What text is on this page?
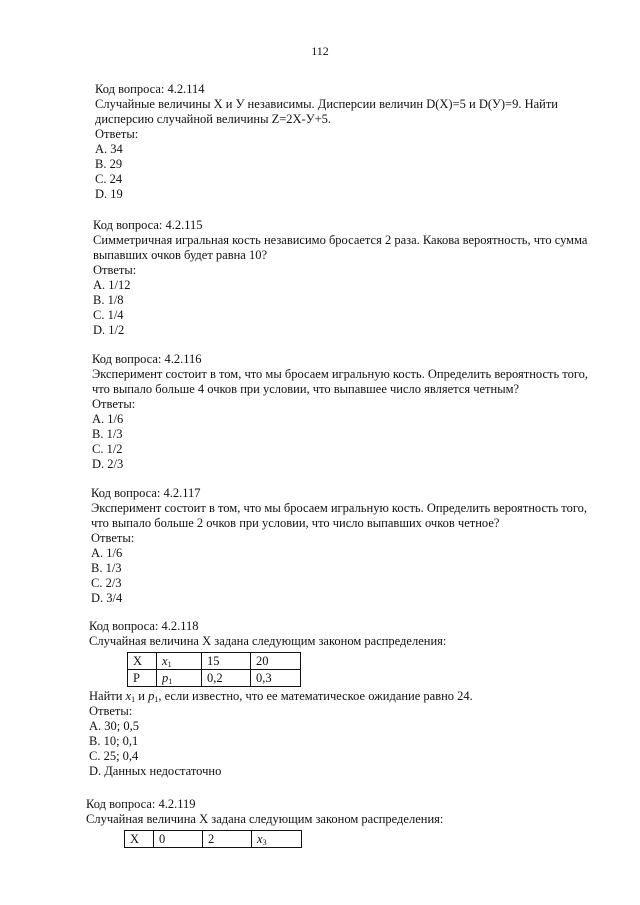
112
Код вопроса: 4.2.114
Случайные величины X и У независимы. Дисперсии величин D(X)=5 и D(У)=9. Найти
дисперсию случайной величины Z=2X-У+5.
Ответы:
A. 34
B. 29
C. 24
D. 19
Код вопроса: 4.2.115
Симметричная игральная кость независимо бросается 2 раза. Какова вероятность, что сумма
выпавших очков будет равна 10?
Ответы:
A. 1/12
B. 1/8
C. 1/4
D. 1/2
Код вопроса: 4.2.116
Эксперимент состоит в том, что мы бросаем игральную кость. Определить вероятность того,
что выпало больше 4 очков при условии, что выпавшее число является четным?
Ответы:
A. 1/6
B. 1/3
C. 1/2
D. 2/3
Код вопроса: 4.2.117
Эксперимент состоит в том, что мы бросаем игральную кость. Определить вероятность того,
что выпало больше 2 очков при условии, что число выпавших очков четное?
Ответы:
A. 1/6
B. 1/3
C. 2/3
D. 3/4
Код вопроса: 4.2.118
Случайная величина X задана следующим законом распределения:
X	$x_1$	15	20
P	$p_1$	0,2	0,3
Найти $x_1$ и $p_1$, если известно, что ее математическое ожидание равно 24.
Ответы:
A. 30; 0,5
B. 10; 0,1
C. 25; 0,4
D. Данных недостаточно
Код вопроса: 4.2.119
Случайная величина X задана следующим законом распределения:
X	0	2	$x_3$
